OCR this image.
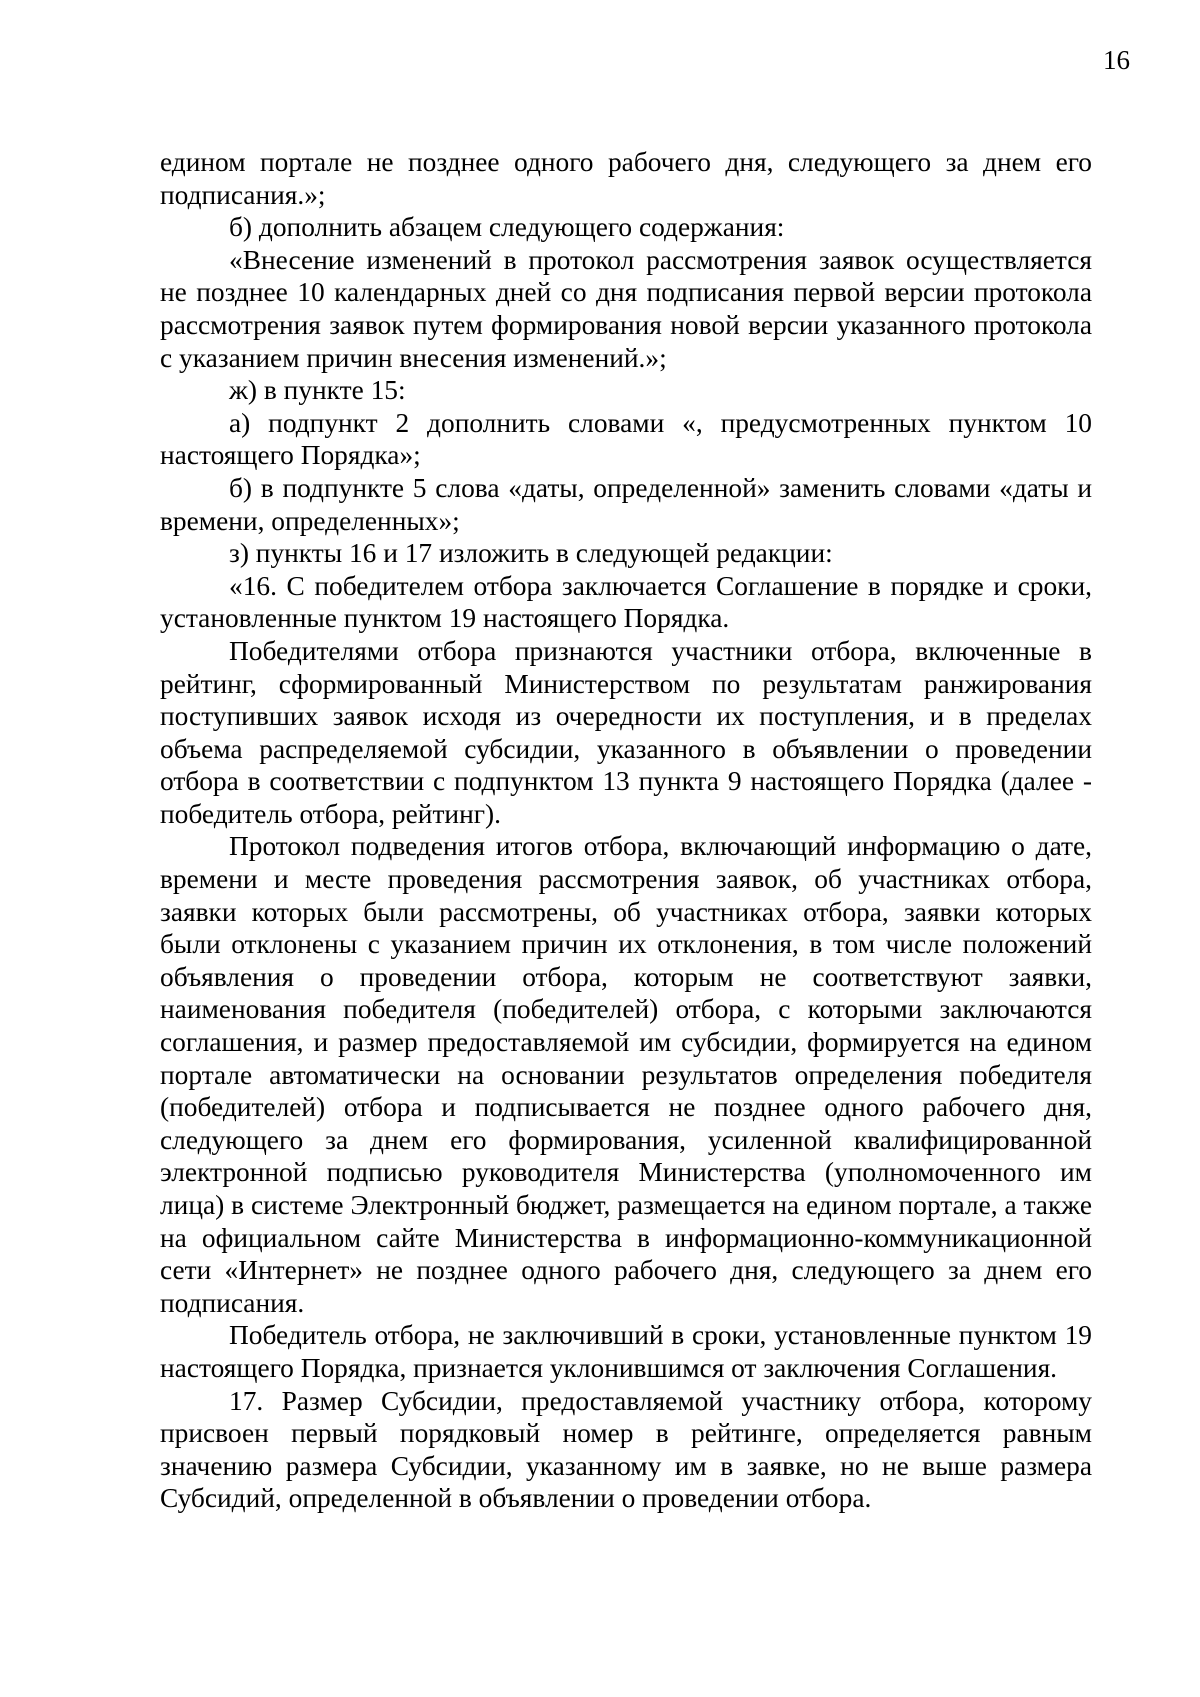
16

едином портале не позднее одного рабочего дня, следующего за днем его подписания.»;

б) дополнить абзацем следующего содержания:

«Внесение изменений в протокол рассмотрения заявок осуществляется не позднее 10 календарных дней со дня подписания первой версии протокола рассмотрения заявок путем формирования новой версии указанного протокола с указанием причин внесения изменений.»;

ж) в пункте 15:

а) подпункт 2 дополнить словами «, предусмотренных пунктом 10 настоящего Порядка»;

б) в подпункте 5 слова «даты, определенной» заменить словами «даты и времени, определенных»;

з) пункты 16 и 17 изложить в следующей редакции:

«16. С победителем отбора заключается Соглашение в порядке и сроки, установленные пунктом 19 настоящего Порядка.

Победителями отбора признаются участники отбора, включенные в рейтинг, сформированный Министерством по результатам ранжирования поступивших заявок исходя из очередности их поступления, и в пределах объема распределяемой субсидии, указанного в объявлении о проведении отбора в соответствии с подпунктом 13 пункта 9 настоящего Порядка (далее - победитель отбора, рейтинг).

Протокол подведения итогов отбора, включающий информацию о дате, времени и месте проведения рассмотрения заявок, об участниках отбора, заявки которых были рассмотрены, об участниках отбора, заявки которых были отклонены с указанием причин их отклонения, в том числе положений объявления о проведении отбора, которым не соответствуют заявки, наименования победителя (победителей) отбора, с которыми заключаются соглашения, и размер предоставляемой им субсидии, формируется на едином портале автоматически на основании результатов определения победителя (победителей) отбора и подписывается не позднее одного рабочего дня, следующего за днем его формирования, усиленной квалифицированной электронной подписью руководителя Министерства (уполномоченного им лица) в системе Электронный бюджет, размещается на едином портале, а также на официальном сайте Министерства в информационно-коммуникационной сети «Интернет» не позднее одного рабочего дня, следующего за днем его подписания.

Победитель отбора, не заключивший в сроки, установленные пунктом 19 настоящего Порядка, признается уклонившимся от заключения Соглашения.

17. Размер Субсидии, предоставляемой участнику отбора, которому присвоен первый порядковый номер в рейтинге, определяется равным значению размера Субсидии, указанному им в заявке, но не выше размера Субсидий, определенной в объявлении о проведении отбора.
